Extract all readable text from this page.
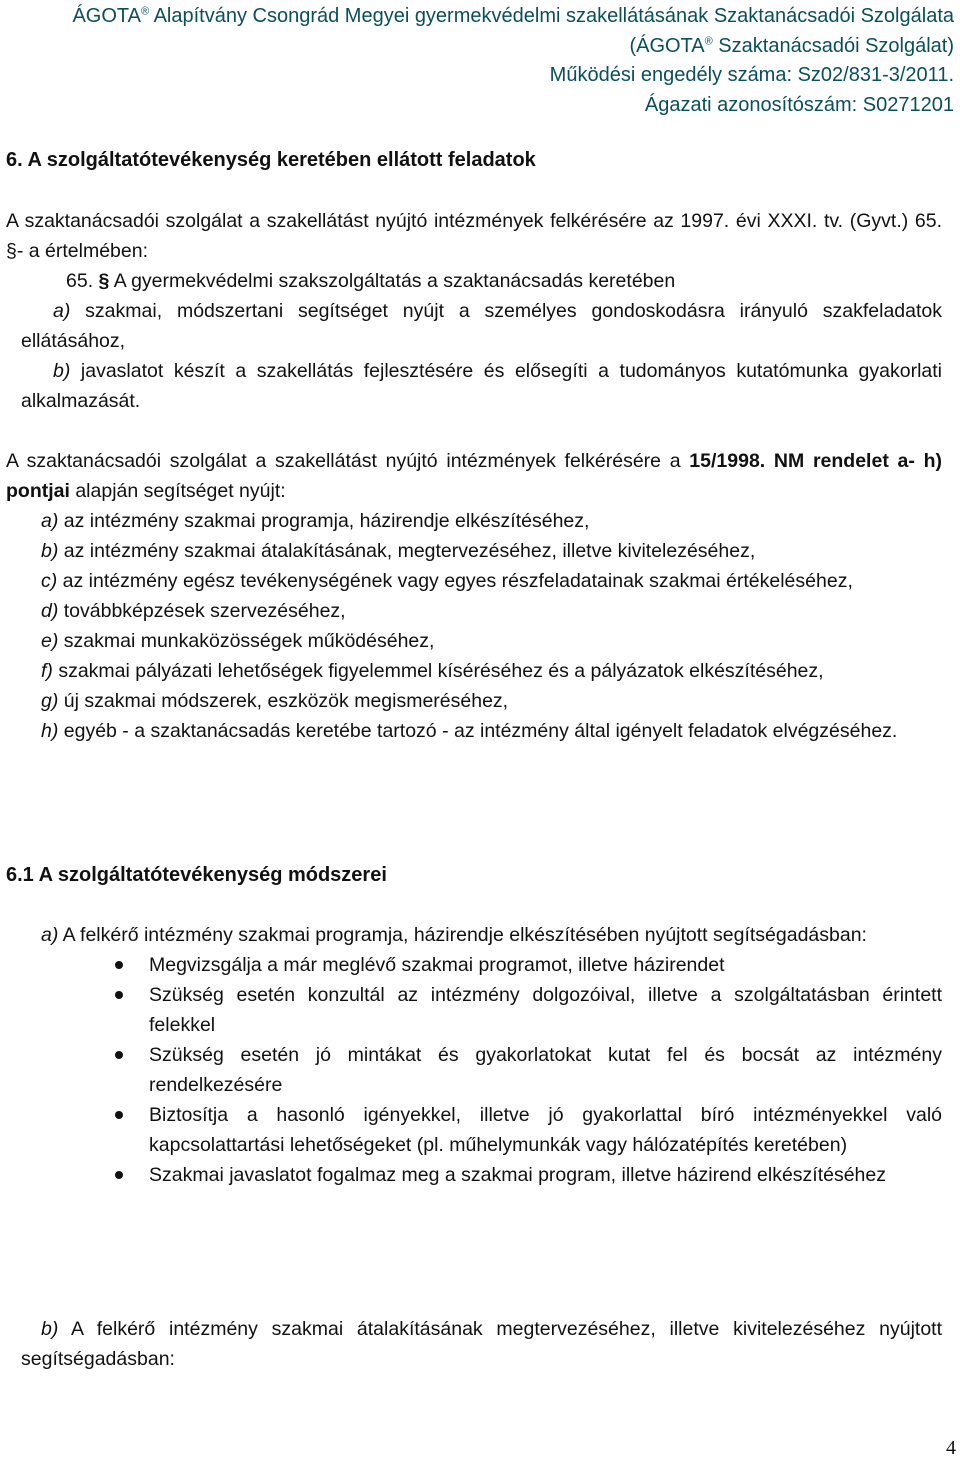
ÁGOTA® Alapítvány Csongrád Megyei gyermekvédelmi szakellátásának Szaktanácsadói Szolgálata
(ÁGOTA® Szaktanácsadói Szolgálat)
Működési engedély száma: Sz02/831-3/2011.
Ágazati azonosítószám: S0271201
6. A szolgáltatótevékenység keretében ellátott feladatok
A szaktanácsadói szolgálat a szakellátást nyújtó intézmények felkérésére az 1997. évi XXXI. tv. (Gyvt.) 65. §- a értelmében:

65. § A gyermekvédelmi szakszolgáltatás a szaktanácsadás keretében

a) szakmai, módszertani segítséget nyújt a személyes gondoskodásra irányuló szakfeladatok ellátásához,

b) javaslatot készít a szakellátás fejlesztésére és elősegíti a tudományos kutatómunka gyakorlati alkalmazását.

A szaktanácsadói szolgálat a szakellátást nyújtó intézmények felkérésére a 15/1998. NM rendelet a- h) pontjai alapján segítséget nyújt:

a) az intézmény szakmai programja, házirendje elkészítéséhez,

b) az intézmény szakmai átalakításának, megtervezéséhez, illetve kivitelezéséhez,

c) az intézmény egész tevékenységének vagy egyes részfeladatainak szakmai értékeléséhez,

d) továbbképzések szervezéséhez,

e) szakmai munkaközösségek működéséhez,

f) szakmai pályázati lehetőségek figyelemmel kíséréséhez és a pályázatok elkészítéséhez,

g) új szakmai módszerek, eszközök megismeréséhez,

h) egyéb - a szaktanácsadás keretébe tartozó - az intézmény által igényelt feladatok elvégzéséhez.

6.1 A szolgáltatótevékenység módszerei

a) A felkérő intézmény szakmai programja, házirendje elkészítésében nyújtott segítségadásban:

Megvizsgálja a már meglévő szakmai programot, illetve házirendet
Szükség esetén konzultál az intézmény dolgozóival, illetve a szolgáltatásban érintett felekkel
Szükség esetén jó mintákat és gyakorlatokat kutat fel és bocsát az intézmény rendelkezésére
Biztosítja a hasonló igényekkel, illetve jó gyakorlattal bíró intézményekkel való kapcsolattartási lehetőségeket (pl. műhelymunkák vagy hálózatépítés keretében)
Szakmai javaslatot fogalmaz meg a szakmai program, illetve házirend elkészítéséhez

b) A felkérő intézmény szakmai átalakításának megtervezéséhez, illetve kivitelezéséhez nyújtott segítségadásban:

4
